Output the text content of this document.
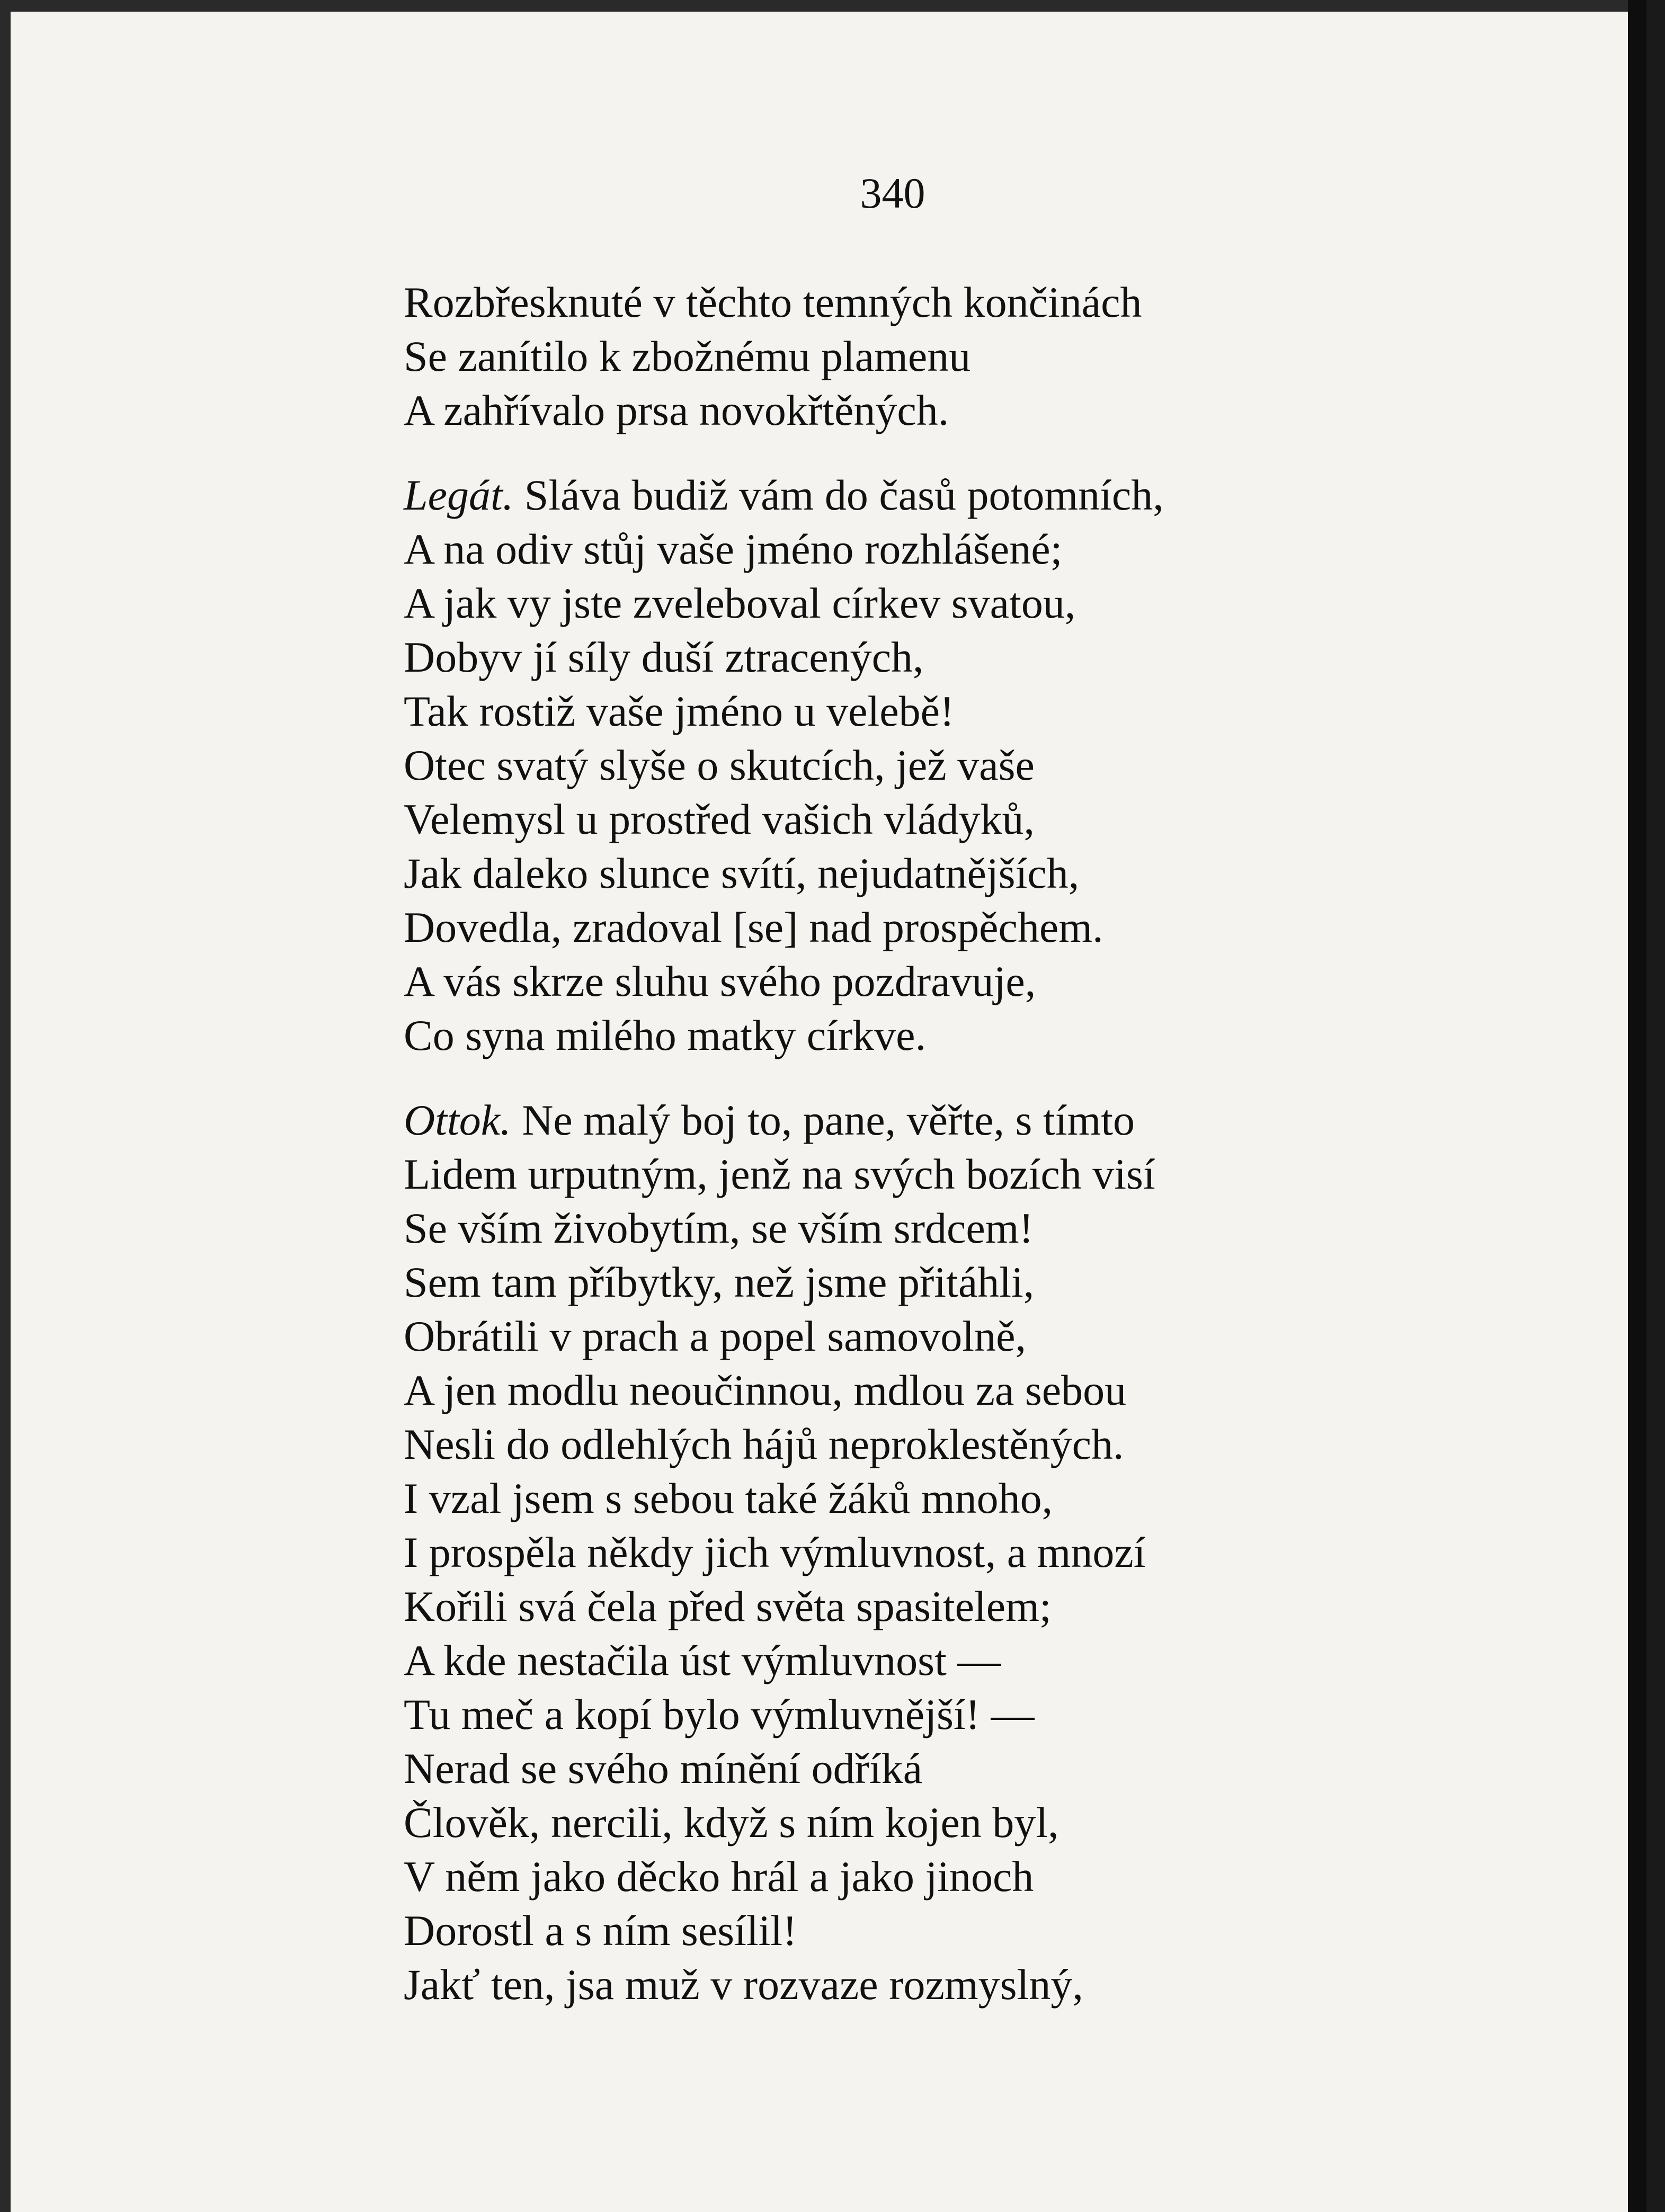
340
Rozbřesknuté v těchto temných končinách
Se zanítilo k zbožnému plamenu
A zahřívalo prsa novokřtěných.
Legát. Sláva budiž vám do časů potomních,
A na odiv stůj vaše jméno rozhlášené;
A jak vy jste zveleboval církev svatou,
Dobyv jí síly duší ztracených,
Tak rostiž vaše jméno u velebě!
Otec svatý slyše o skutcích, jež vaše
Velemysl u prostřed vašich vládyků,
Jak daleko slunce svítí, nejudatnějších,
Dovedla, zradoval [se] nad prospěchem.
A vás skrze sluhu svého pozdravuje,
Co syna milého matky církve.
Ottok. Ne malý boj to, pane, věřte, s tímto
Lidem urputným, jenž na svých bozích visí
Se vším živobytím, se vším srdcem!
Sem tam příbytky, než jsme přitáhli,
Obrátili v prach a popel samovolně,
A jen modlu neoučinnou, mdlou za sebou
Nesli do odlehlých hájů neproklestěných.
I vzal jsem s sebou také žáků mnoho,
I prospěla někdy jich výmluvnost, a mnozí
Kořili svá čela před světa spasitelem;
A kde nestačila úst výmluvnost —
Tu meč a kopí bylo výmluvnější! —
Nerad se svého mínění odříká
Člověk, nercili, když s ním kojen byl,
V něm jako děcko hrál a jako jinoch
Dorostl a s ním sesílil!
Jakť ten, jsa muž v rozvaze rozmyslný,
